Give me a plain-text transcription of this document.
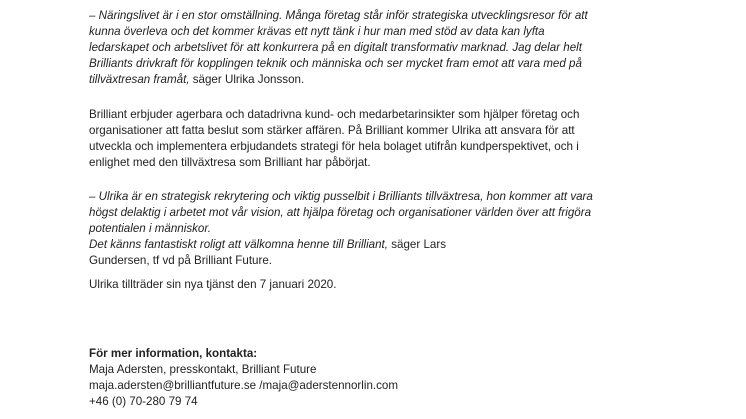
– Näringslivet är i en stor omställning. Många företag står inför strategiska utvecklingsresor för att
kunna överleva och det kommer krävas ett nytt tänk i hur man med stöd av data kan lyfta
ledarskapet och arbetslivet för att konkurrera på en digitalt transformativ marknad. Jag delar helt
Brilliants drivkraft för kopplingen teknik och människa och ser mycket fram emot att vara med på
tillväxtresan framåt, säger Ulrika Jonsson.
Brilliant erbjuder agerbara och datadrivna kund- och medarbetarinsikter som hjälper företag och
organisationer att fatta beslut som stärker affären. På Brilliant kommer Ulrika att ansvara för att
utveckla och implementera erbjudandets strategi för hela bolaget utifrån kundperspektivet, och i
enlighet med den tillväxtresa som Brilliant har påbörjat.
– Ulrika är en strategisk rekrytering och viktig pusselbit i Brilliants tillväxtresa, hon kommer att vara
högst delaktig i arbetet mot vår vision, att hjälpa företag och organisationer världen över att frigöra
potentialen i människor.
Det känns fantastiskt roligt att välkomna henne till Brilliant, säger Lars
Gundersen, tf vd på Brilliant Future.
Ulrika tillträder sin nya tjänst den 7 januari 2020.
För mer information, kontakta:
Maja Adersten, presskontakt, Brilliant Future
maja.adersten@brilliantfuture.se /maja@aderstennorlin.com
+46 (0) 70-280 79 74
